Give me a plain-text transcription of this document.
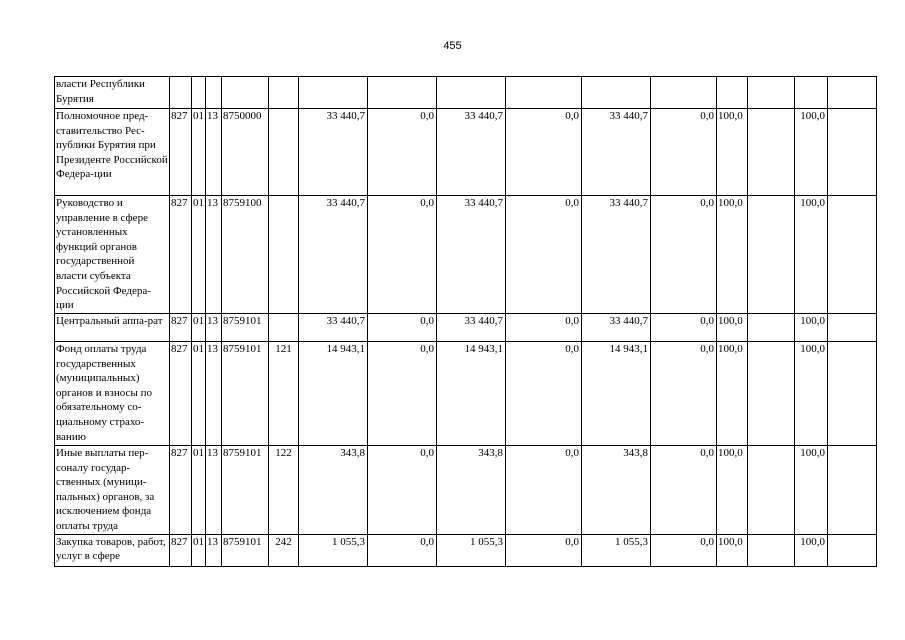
455
власти Республики Бурятия															
Полномочное пред-ставительство Рес-публики Бурятия при Президенте Российской Федера-ции	827	01	13	8750000		33 440,7	0,0	33 440,7	0,0	33 440,7	0,0	100,0		100,0	
Руководство и управление в сфере установленных функций органов государственной власти субъекта Российской Федера-ции	827	01	13	8759100		33 440,7	0,0	33 440,7	0,0	33 440,7	0,0	100,0		100,0	
Центральный аппа-рат	827	01	13	8759101		33 440,7	0,0	33 440,7	0,0	33 440,7	0,0	100,0		100,0	
Фонд оплаты труда государственных (муниципальных) органов и взносы по обязательному со-циальному страхо-ванию	827	01	13	8759101	121	14 943,1	0,0	14 943,1	0,0	14 943,1	0,0	100,0		100,0	
Иные выплаты пер-соналу государ-ственных (муници-пальных) органов, за исключением фонда оплаты труда	827	01	13	8759101	122	343,8	0,0	343,8	0,0	343,8	0,0	100,0		100,0	
Закупка товаров, работ, услуг в сфере	827	01	13	8759101	242	1 055,3	0,0	1 055,3	0,0	1 055,3	0,0	100,0		100,0	
